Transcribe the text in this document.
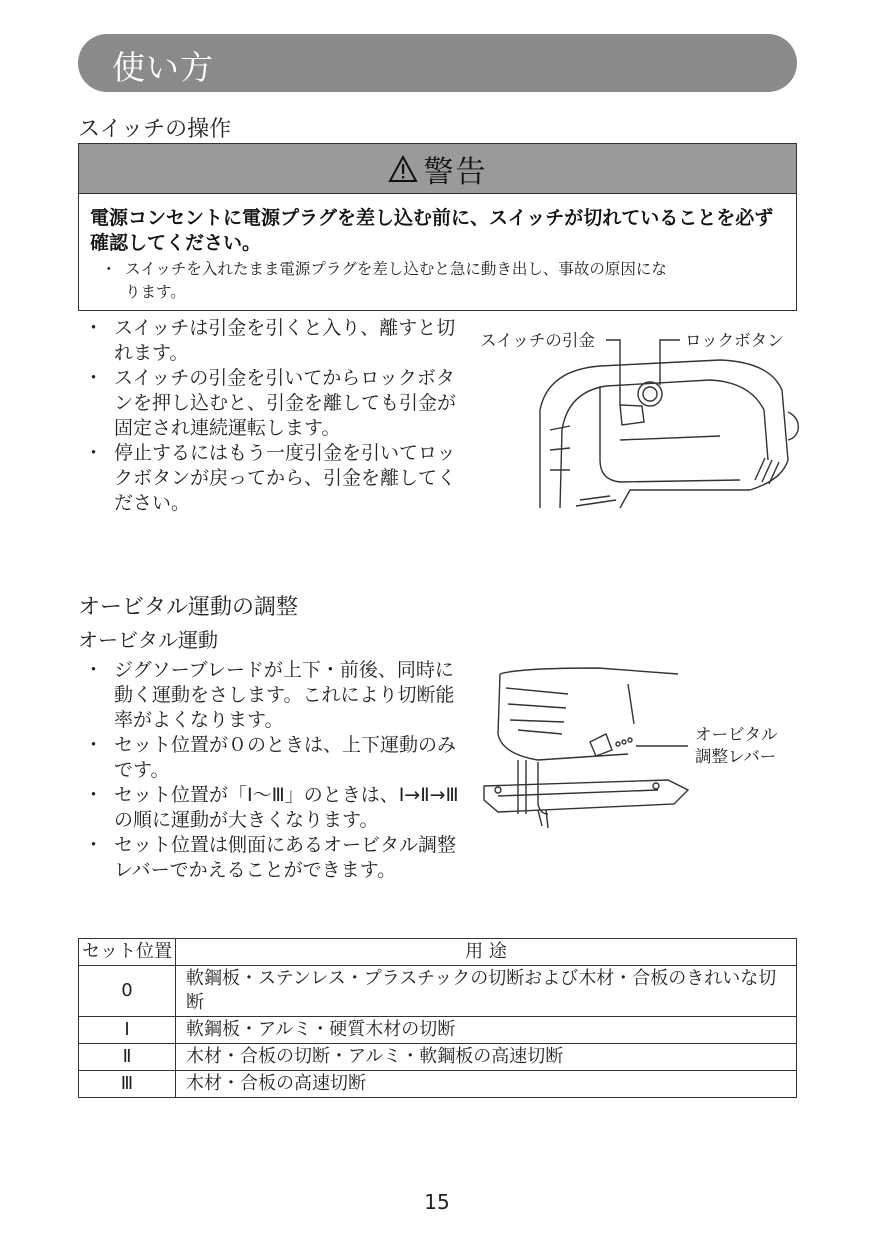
使い方
スイッチの操作
警告
電源コンセントに電源プラグを差し込む前に、スイッチが切れていることを必ず確認してください。
・ スイッチを入れたまま電源プラグを差し込むと急に動き出し、事故の原因にな
ります。
・ スイッチは引金を引くと入り、離すと切れます。
・ スイッチの引金を引いてからロックボタンを押し込むと、引金を離しても引金が固定され連続運転します。
・ 停止するにはもう一度引金を引いてロックボタンが戻ってから、引金を離してください。
スイッチの引金	ロックボタン
オービタル運動の調整
オービタル運動
・ ジグソーブレードが上下・前後、同時に動く運動をさします。これにより切断能率がよくなります。
・ セット位置が０のときは、上下運動のみです。
・ セット位置が「Ⅰ～Ⅲ」のときは、Ⅰ→Ⅱ→Ⅲの順に運動が大きくなります。
・ セット位置は側面にあるオービタル調整レバーでかえることができます。
オービタル
調整レバー
セット位置	用 途
0	軟鋼板・ステンレス・プラスチックの切断および木材・合板のきれいな切断
Ⅰ	軟鋼板・アルミ・硬質木材の切断
Ⅱ	木材・合板の切断・アルミ・軟鋼板の高速切断
Ⅲ	木材・合板の高速切断
15
